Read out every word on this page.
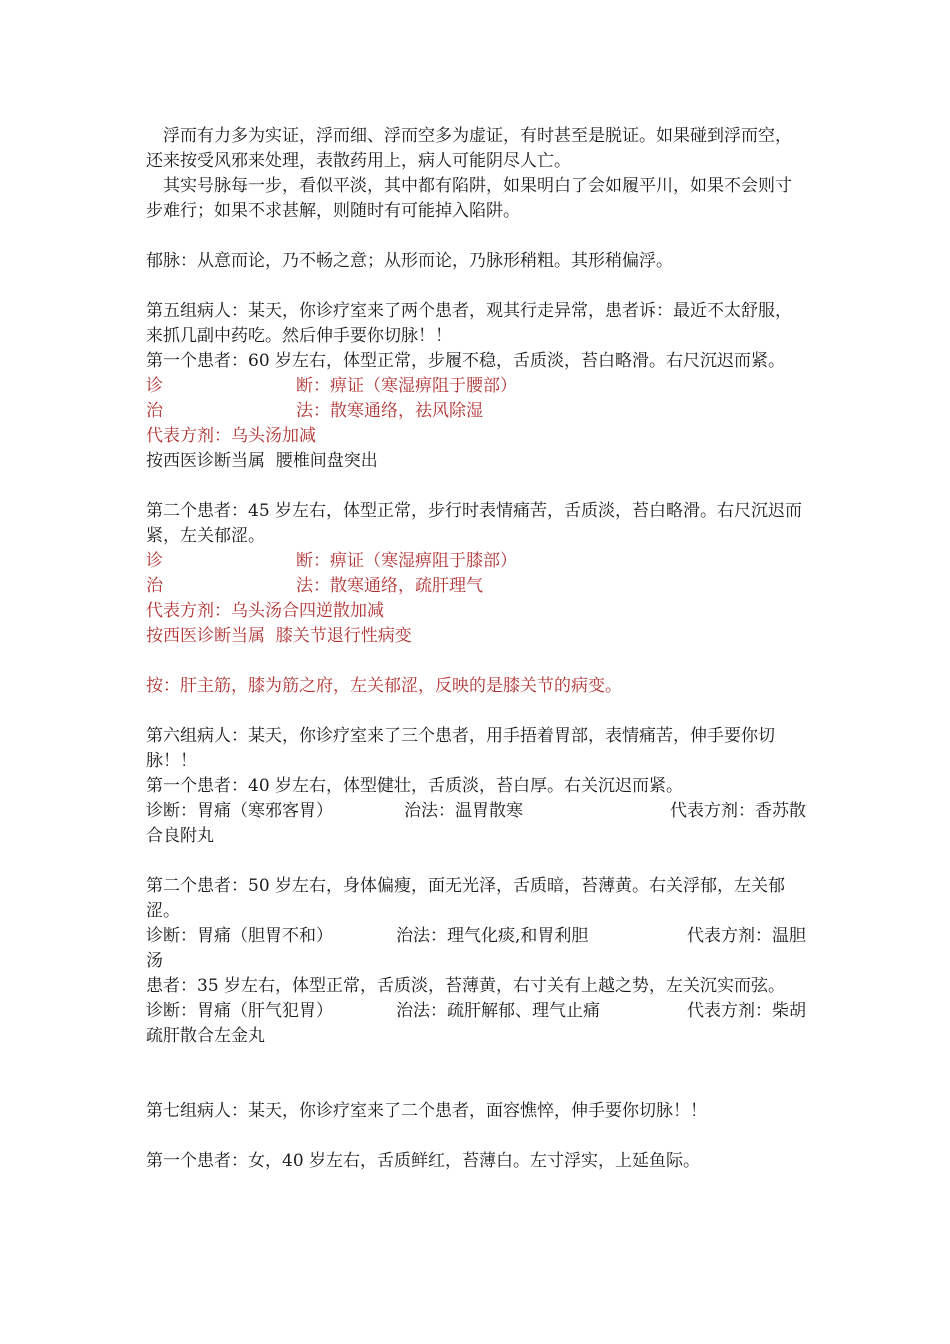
　浮而有力多为实证，浮而细、浮而空多为虚证，有时甚至是脱证。如果碰到浮而空，还来按受风邪来处理，表散药用上，病人可能阴尽人亡。

　其实号脉每一步，看似平淡，其中都有陷阱，如果明白了会如履平川，如果不会则寸步难行；如果不求甚解，则随时有可能掉入陷阱。

郁脉：从意而论，乃不畅之意；从形而论，乃脉形稍粗。其形稍偏浮。

第五组病人：某天，你诊疗室来了两个患者，观其行走异常，患者诉：最近不太舒服，来抓几副中药吃。然后伸手要你切脉！！

第一个患者：60 岁左右，体型正常，步履不稳，舌质淡，苔白略滑。右尺沉迟而紧。

诊	断：痹证（寒湿痹阻于腰部）
治	法：散寒通络，祛风除湿

代表方剂：乌头汤加减

按西医诊断当属  腰椎间盘突出

第二个患者：45 岁左右，体型正常，步行时表情痛苦，舌质淡，苔白略滑。右尺沉迟而紧，左关郁涩。

诊	断：痹证（寒湿痹阻于膝部）
治	法：散寒通络，疏肝理气

代表方剂：乌头汤合四逆散加减

按西医诊断当属  膝关节退行性病变

按：肝主筋，膝为筋之府，左关郁涩，反映的是膝关节的病变。

第六组病人：某天，你诊疗室来了三个患者，用手捂着胃部，表情痛苦，伸手要你切脉！！

第一个患者：40 岁左右，体型健壮，舌质淡，苔白厚。右关沉迟而紧。

诊断：胃痛（寒邪客胃）	治法：温胃散寒	代表方剂：香苏散

合良附丸

第二个患者：50 岁左右，身体偏瘦，面无光泽，舌质暗，苔薄黄。右关浮郁，左关郁涩。

诊断：胃痛（胆胃不和）	治法：理气化痰,和胃利胆	代表方剂：温胆

汤

患者：35 岁左右，体型正常，舌质淡，苔薄黄，右寸关有上越之势，左关沉实而弦。

诊断：胃痛（肝气犯胃）	治法：疏肝解郁、理气止痛	代表方剂：柴胡

疏肝散合左金丸

第七组病人：某天，你诊疗室来了二个患者，面容憔悴，伸手要你切脉！！

第一个患者：女，40 岁左右，舌质鲜红，苔薄白。左寸浮实，上延鱼际。
